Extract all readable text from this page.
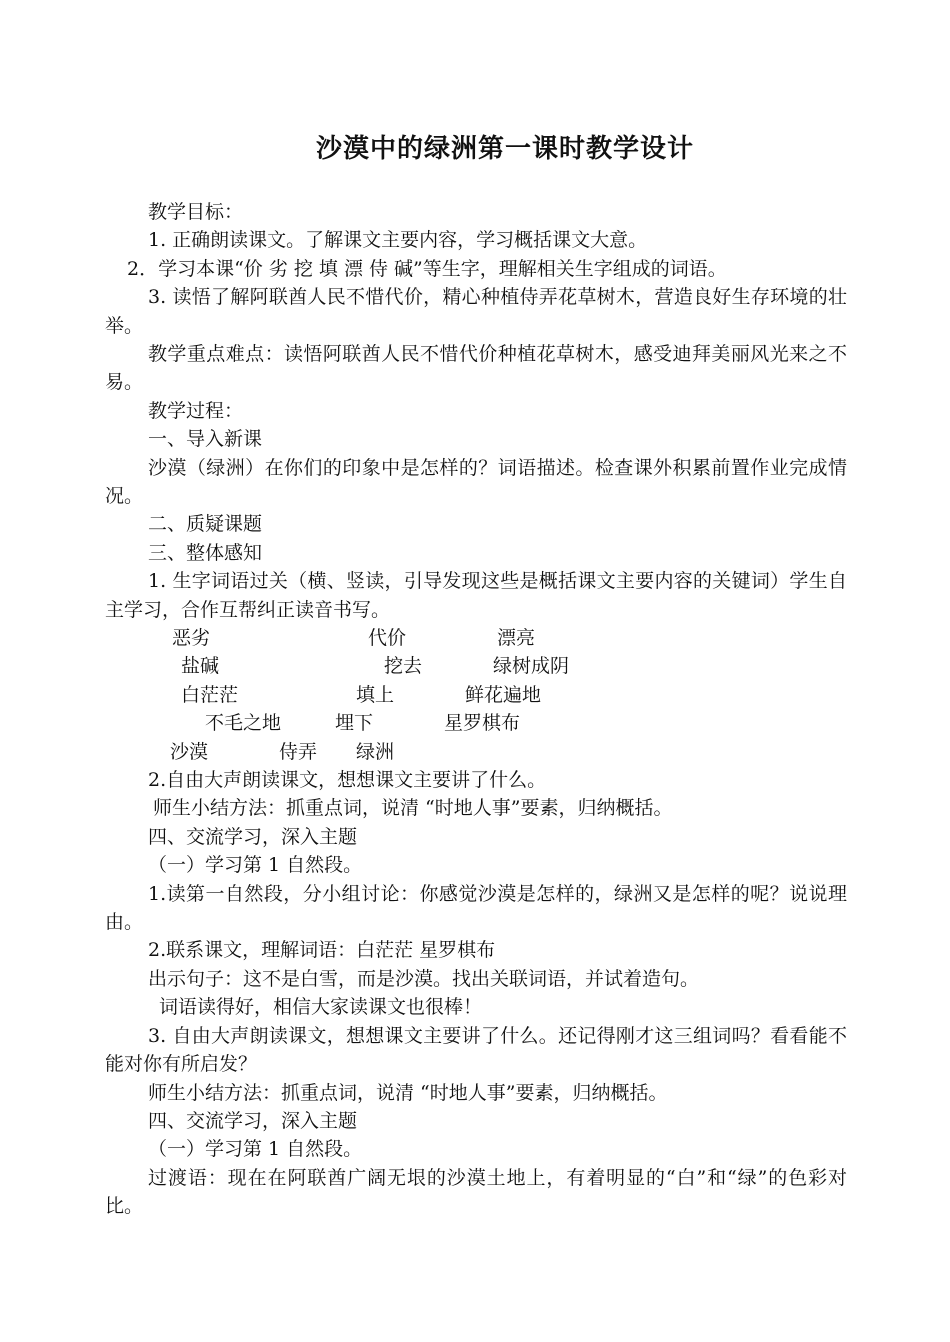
沙漠中的绿洲第一课时教学设计

教学目标：

1. 正确朗读课文。了解课文主要内容，学习概括课文大意。

2．学习本课“价 劣 挖 填 漂 侍 碱”等生字，理解相关生字组成的词语。

3. 读悟了解阿联酋人民不惜代价，精心种植侍弄花草树木，营造良好生存环境的壮举。

教学重点难点：读悟阿联酋人民不惜代价种植花草树木，感受迪拜美丽风光来之不易。

教学过程：

一、导入新课

沙漠（绿洲）在你们的印象中是怎样的？词语描述。检查课外积累前置作业完成情况。

二、质疑课题

三、整体感知

1. 生字词语过关（横、竖读，引导发现这些是概括课文主要内容的关键词）学生自主学习，合作互帮纠正读音书写。

恶劣	代价	漂亮
盐碱	挖去	绿树成阴
白茫茫	填上	鲜花遍地
不毛之地	埋下	星罗棋布
沙漠	侍弄 绿洲

2.自由大声朗读课文，想想课文主要讲了什么。

师生小结方法：抓重点词，说清 “时地人事”要素，归纳概括。

四、交流学习，深入主题

（一）学习第 1 自然段。

1.读第一自然段，分小组讨论：你感觉沙漠是怎样的，绿洲又是怎样的呢？说说理由。

2.联系课文，理解词语：白茫茫 星罗棋布

出示句子：这不是白雪，而是沙漠。找出关联词语，并试着造句。

词语读得好，相信大家读课文也很棒！

3. 自由大声朗读课文，想想课文主要讲了什么。还记得刚才这三组词吗？看看能不能对你有所启发？

师生小结方法：抓重点词，说清 “时地人事”要素，归纳概括。

四、交流学习，深入主题

（一）学习第 1 自然段。

过渡语：现在在阿联酋广阔无垠的沙漠土地上，有着明显的“白”和“绿”的色彩对比。
